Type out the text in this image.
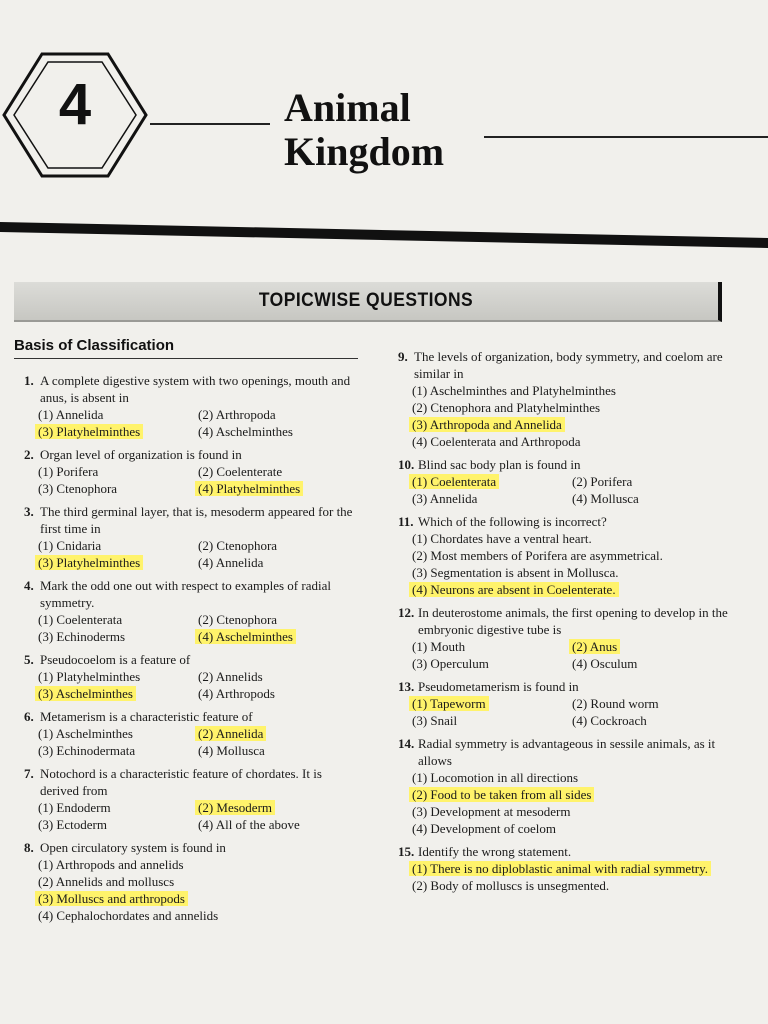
4	Animal
Kingdom
TOPICWISE QUESTIONS
Basis of Classification
1. A complete digestive system with two openings, mouth and anus, is absent in
(1) Annelida	(2) Arthropoda
(3) Platyhelminthes	(4) Aschelminthes
2. Organ level of organization is found in
(1) Porifera	(2) Coelenterate
(3) Ctenophora	(4) Platyhelminthes
3. The third germinal layer, that is, mesoderm appeared for the first time in
(1) Cnidaria	(2) Ctenophora
(3) Platyhelminthes	(4) Annelida
4. Mark the odd one out with respect to examples of radial symmetry.
(1) Coelenterata	(2) Ctenophora
(3) Echinoderms	(4) Aschelminthes
5. Pseudocoelom is a feature of
(1) Platyhelminthes	(2) Annelids
(3) Aschelminthes	(4) Arthropods
6. Metamerism is a characteristic feature of
(1) Aschelminthes	(2) Annelida
(3) Echinodermata	(4) Mollusca
7. Notochord is a characteristic feature of chordates. It is derived from
(1) Endoderm	(2) Mesoderm
(3) Ectoderm	(4) All of the above
8. Open circulatory system is found in
(1) Arthropods and annelids
(2) Annelids and molluscs
(3) Molluscs and arthropods
(4) Cephalochordates and annelids
9. The levels of organization, body symmetry, and coelom are similar in
(1) Aschelminthes and Platyhelminthes
(2) Ctenophora and Platyhelminthes
(3) Arthropoda and Annelida
(4) Coelenterata and Arthropoda
10. Blind sac body plan is found in
(1) Coelenterata	(2) Porifera
(3) Annelida	(4) Mollusca
11. Which of the following is incorrect?
(1) Chordates have a ventral heart.
(2) Most members of Porifera are asymmetrical.
(3) Segmentation is absent in Mollusca.
(4) Neurons are absent in Coelenterate.
12. In deuterostome animals, the first opening to develop in the embryonic digestive tube is
(1) Mouth	(2) Anus
(3) Operculum	(4) Osculum
13. Pseudometamerism is found in
(1) Tapeworm	(2) Round worm
(3) Snail	(4) Cockroach
14. Radial symmetry is advantageous in sessile animals, as it allows
(1) Locomotion in all directions
(2) Food to be taken from all sides
(3) Development at mesoderm
(4) Development of coelom
15. Identify the wrong statement.
(1) There is no diploblastic animal with radial symmetry.
(2) Body of molluscs is unsegmented.
